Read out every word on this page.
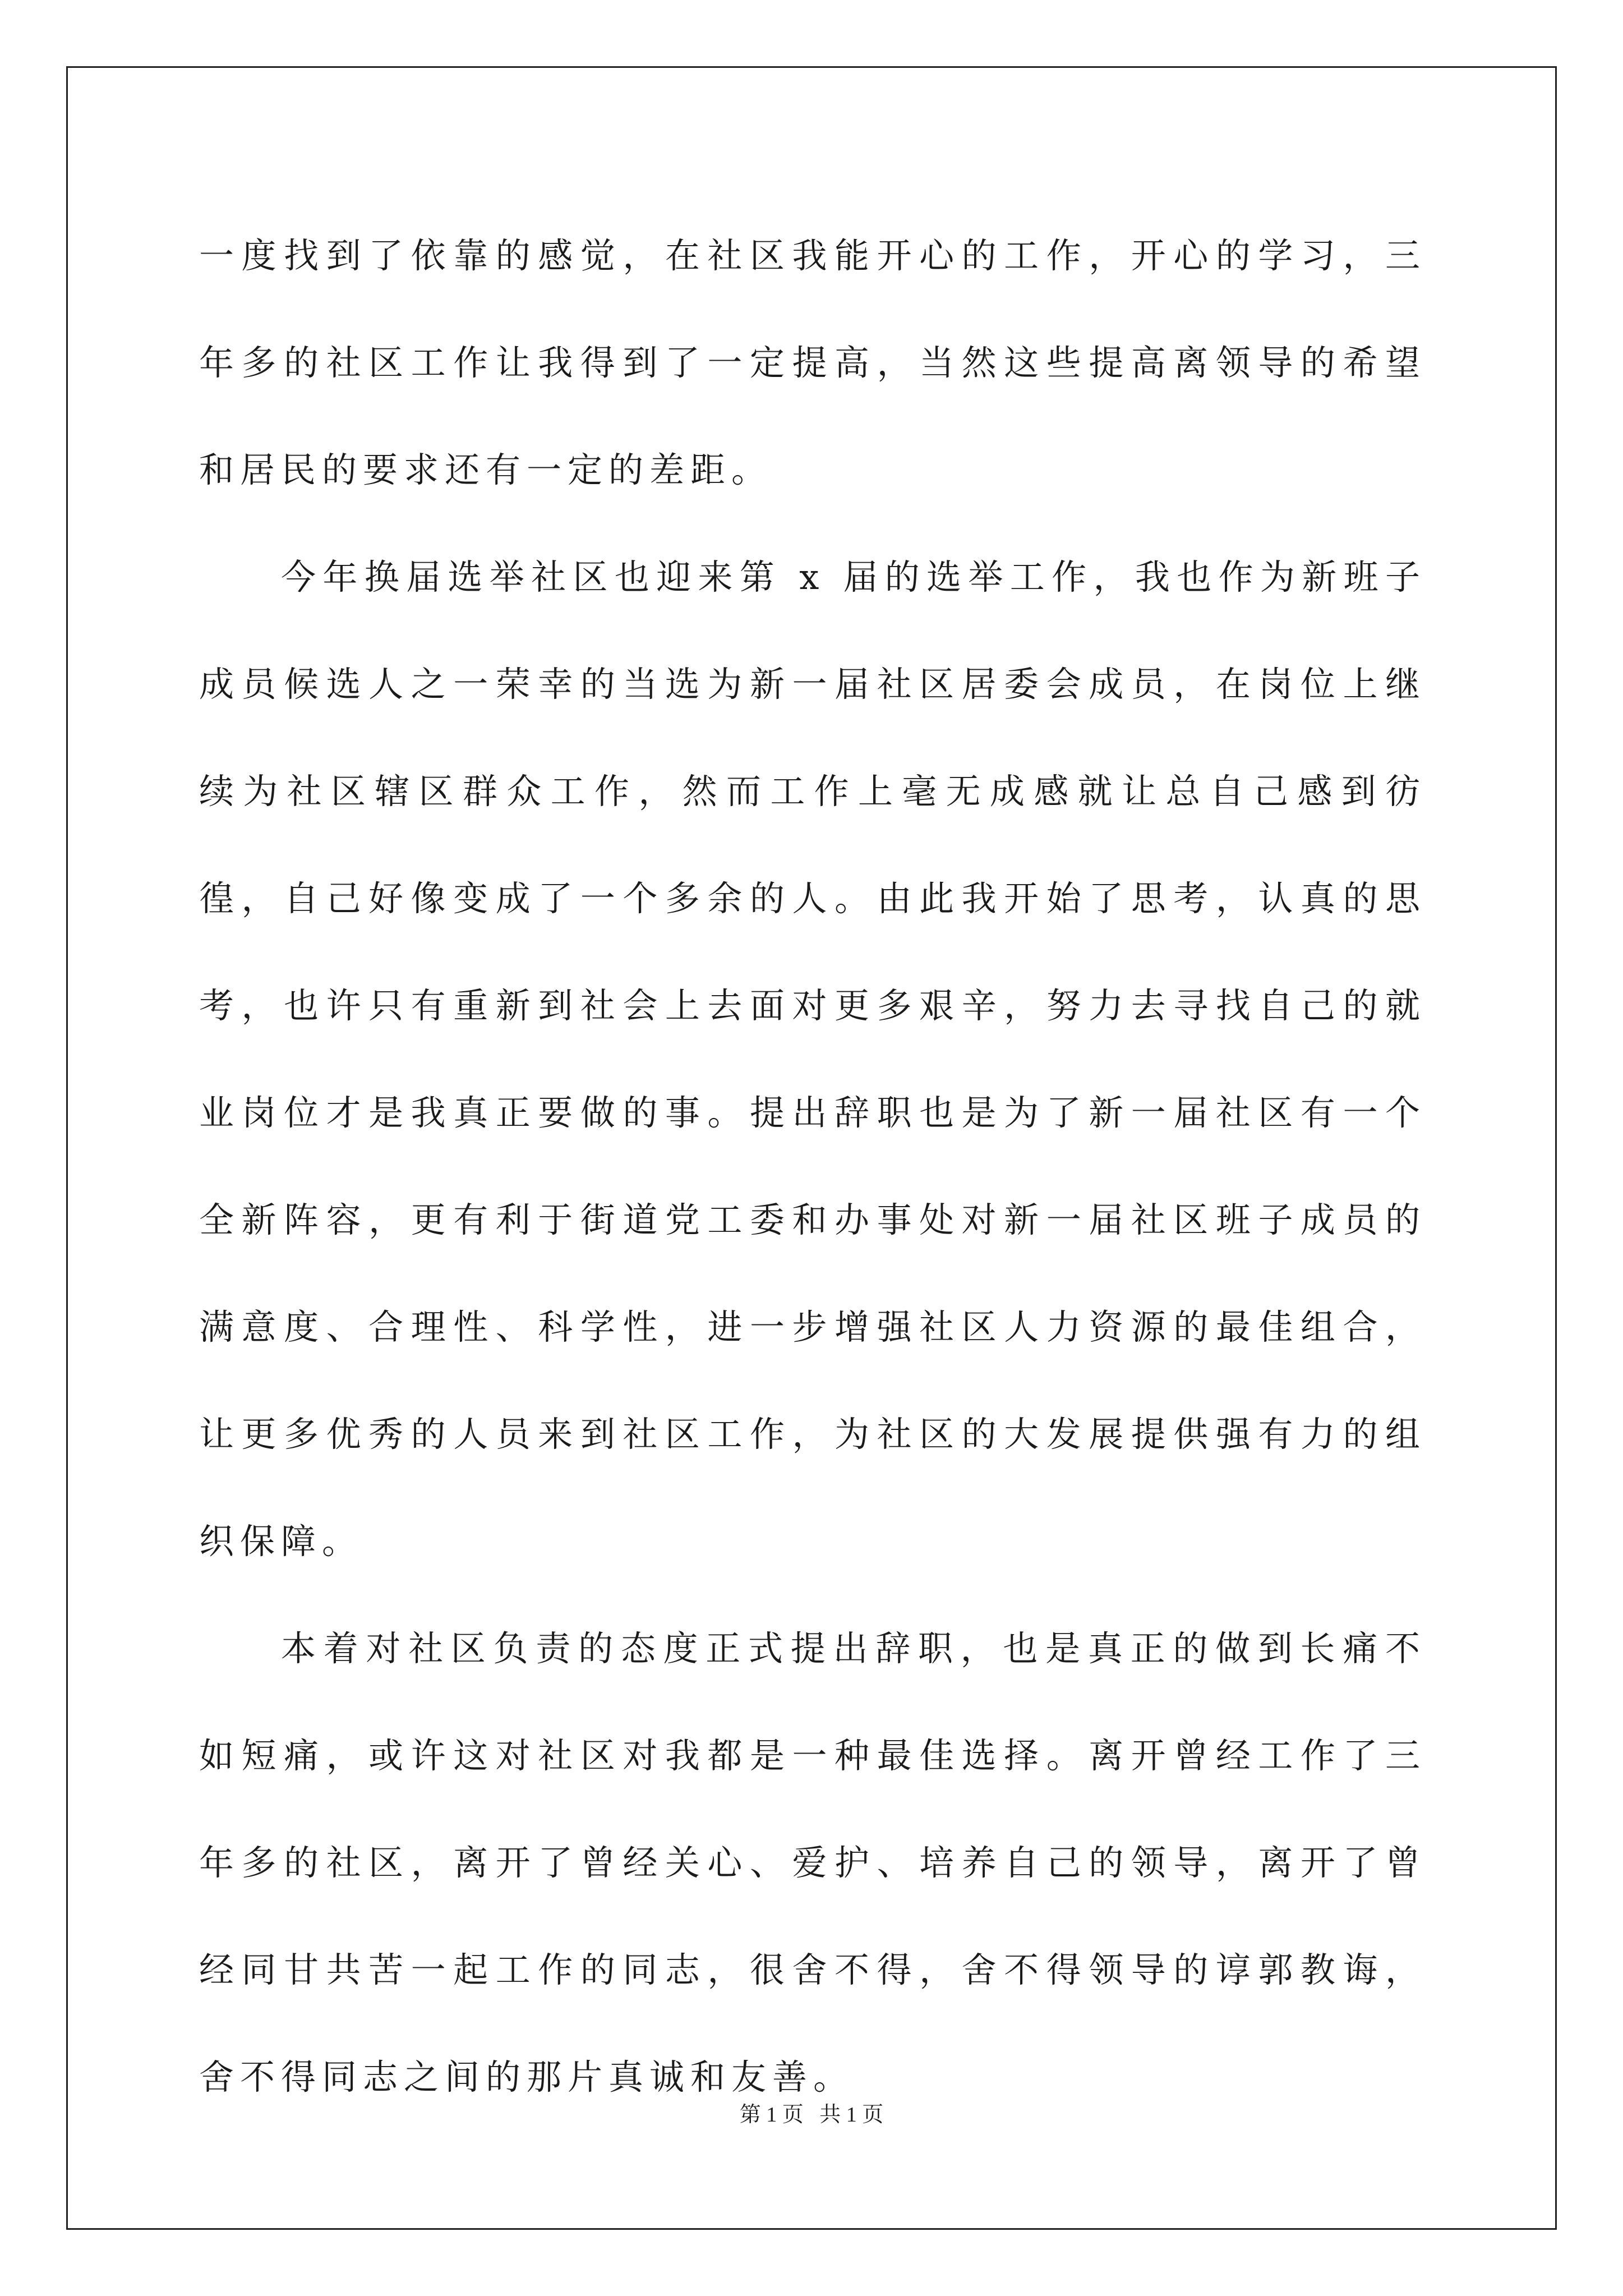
一度找到了依靠的感觉，在社区我能开心的工作，开心的学习，三年多的社区工作让我得到了一定提高，当然这些提高离领导的希望和居民的要求还有一定的差距。

今年换届选举社区也迎来第 x 届的选举工作，我也作为新班子成员候选人之一荣幸的当选为新一届社区居委会成员，在岗位上继续为社区辖区群众工作，然而工作上毫无成感就让总自己感到彷徨，自己好像变成了一个多余的人。由此我开始了思考，认真的思考，也许只有重新到社会上去面对更多艰辛，努力去寻找自己的就业岗位才是我真正要做的事。提出辞职也是为了新一届社区有一个全新阵容，更有利于街道党工委和办事处对新一届社区班子成员的满意度、合理性、科学性，进一步增强社区人力资源的最佳组合，让更多优秀的人员来到社区工作，为社区的大发展提供强有力的组织保障。

本着对社区负责的态度正式提出辞职，也是真正的做到长痛不如短痛，或许这对社区对我都是一种最佳选择。离开曾经工作了三年多的社区，离开了曾经关心、爱护、培养自己的领导，离开了曾经同甘共苦一起工作的同志，很舍不得，舍不得领导的谆郭教诲，舍不得同志之间的那片真诚和友善。

第 1 页   共 1 页
